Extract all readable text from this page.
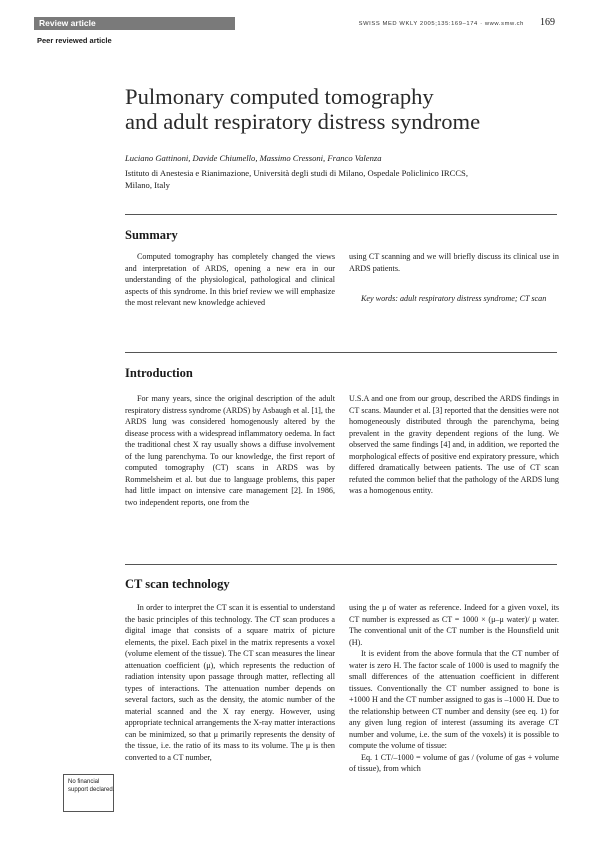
Review article	SWISS MED WKLY 2005;135:169–174 · www.smw.ch 169
Peer reviewed article
Pulmonary computed tomography
and adult respiratory distress syndrome
Luciano Gattinoni, Davide Chiumello, Massimo Cressoni, Franco Valenza
Istituto di Anestesia e Rianimazione, Università degli studi di Milano, Ospedale Policlinico IRCCS, Milano, Italy
Summary
Computed tomography has completely changed the views and interpretation of ARDS, opening a new era in our understanding of the physiological, pathological and clinical aspects of this syndrome. In this brief review we will emphasize the most relevant new knowledge achieved
using CT scanning and we will briefly discuss its clinical use in ARDS patients.
Key words: adult respiratory distress syndrome; CT scan
Introduction
For many years, since the original description of the adult respiratory distress syndrome (ARDS) by Asbaugh et al. [1], the ARDS lung was considered homogenously altered by the disease process with a widespread inflammatory oedema. In fact the traditional chest X ray usually shows a diffuse involvement of the lung parenchyma. To our knowledge, the first report of computed tomography (CT) scans in ARDS was by Rommelsheim et al. but due to language problems, this paper had little impact on intensive care management [2]. In 1986, two independent reports, one from the
U.S.A and one from our group, described the ARDS findings in CT scans. Maunder et al. [3] reported that the densities were not homogeneously distributed through the parenchyma, being prevalent in the gravity dependent regions of the lung. We observed the same findings [4] and, in addition, we reported the morphological effects of positive end expiratory pressure, which differed dramatically between patients. The use of CT scan refuted the common belief that the pathology of the ARDS lung was a homogenous entity.
CT scan technology
In order to interpret the CT scan it is essential to understand the basic principles of this technology. The CT scan produces a digital image that consists of a square matrix of picture elements, the pixel. Each pixel in the matrix represents a voxel (volume element of the tissue). The CT scan measures the linear attenuation coefficient (μ), which represents the reduction of radiation intensity upon passage through matter, reflecting all types of interactions. The attenuation number depends on several factors, such as the density, the atomic number of the material scanned and the X ray energy. However, using appropriate technical arrangements the X-ray matter interactions can be minimized, so that μ primarily represents the density of the tissue, i.e. the ratio of its mass to its volume. The μ is then converted to a CT number,
using the μ of water as reference. Indeed for a given voxel, its CT number is expressed as CT = 1000 × (μ–μ water)/ μ water. The conventional unit of the CT number is the Hounsfield unit (H).
It is evident from the above formula that the CT number of water is zero H. The factor scale of 1000 is used to magnify the small differences of the attenuation coefficient in different tissues. Conventionally the CT number assigned to bone is +1000 H and the CT number assigned to gas is –1000 H. Due to the relationship between CT number and density (see eq. 1) for any given lung region of interest (assuming its average CT number and volume, i.e. the sum of the voxels) it is possible to compute the volume of tissue:
Eq. 1 CT/–1000 = volume of gas / (volume of gas + volume of tissue), from which
No financial
support declared.
